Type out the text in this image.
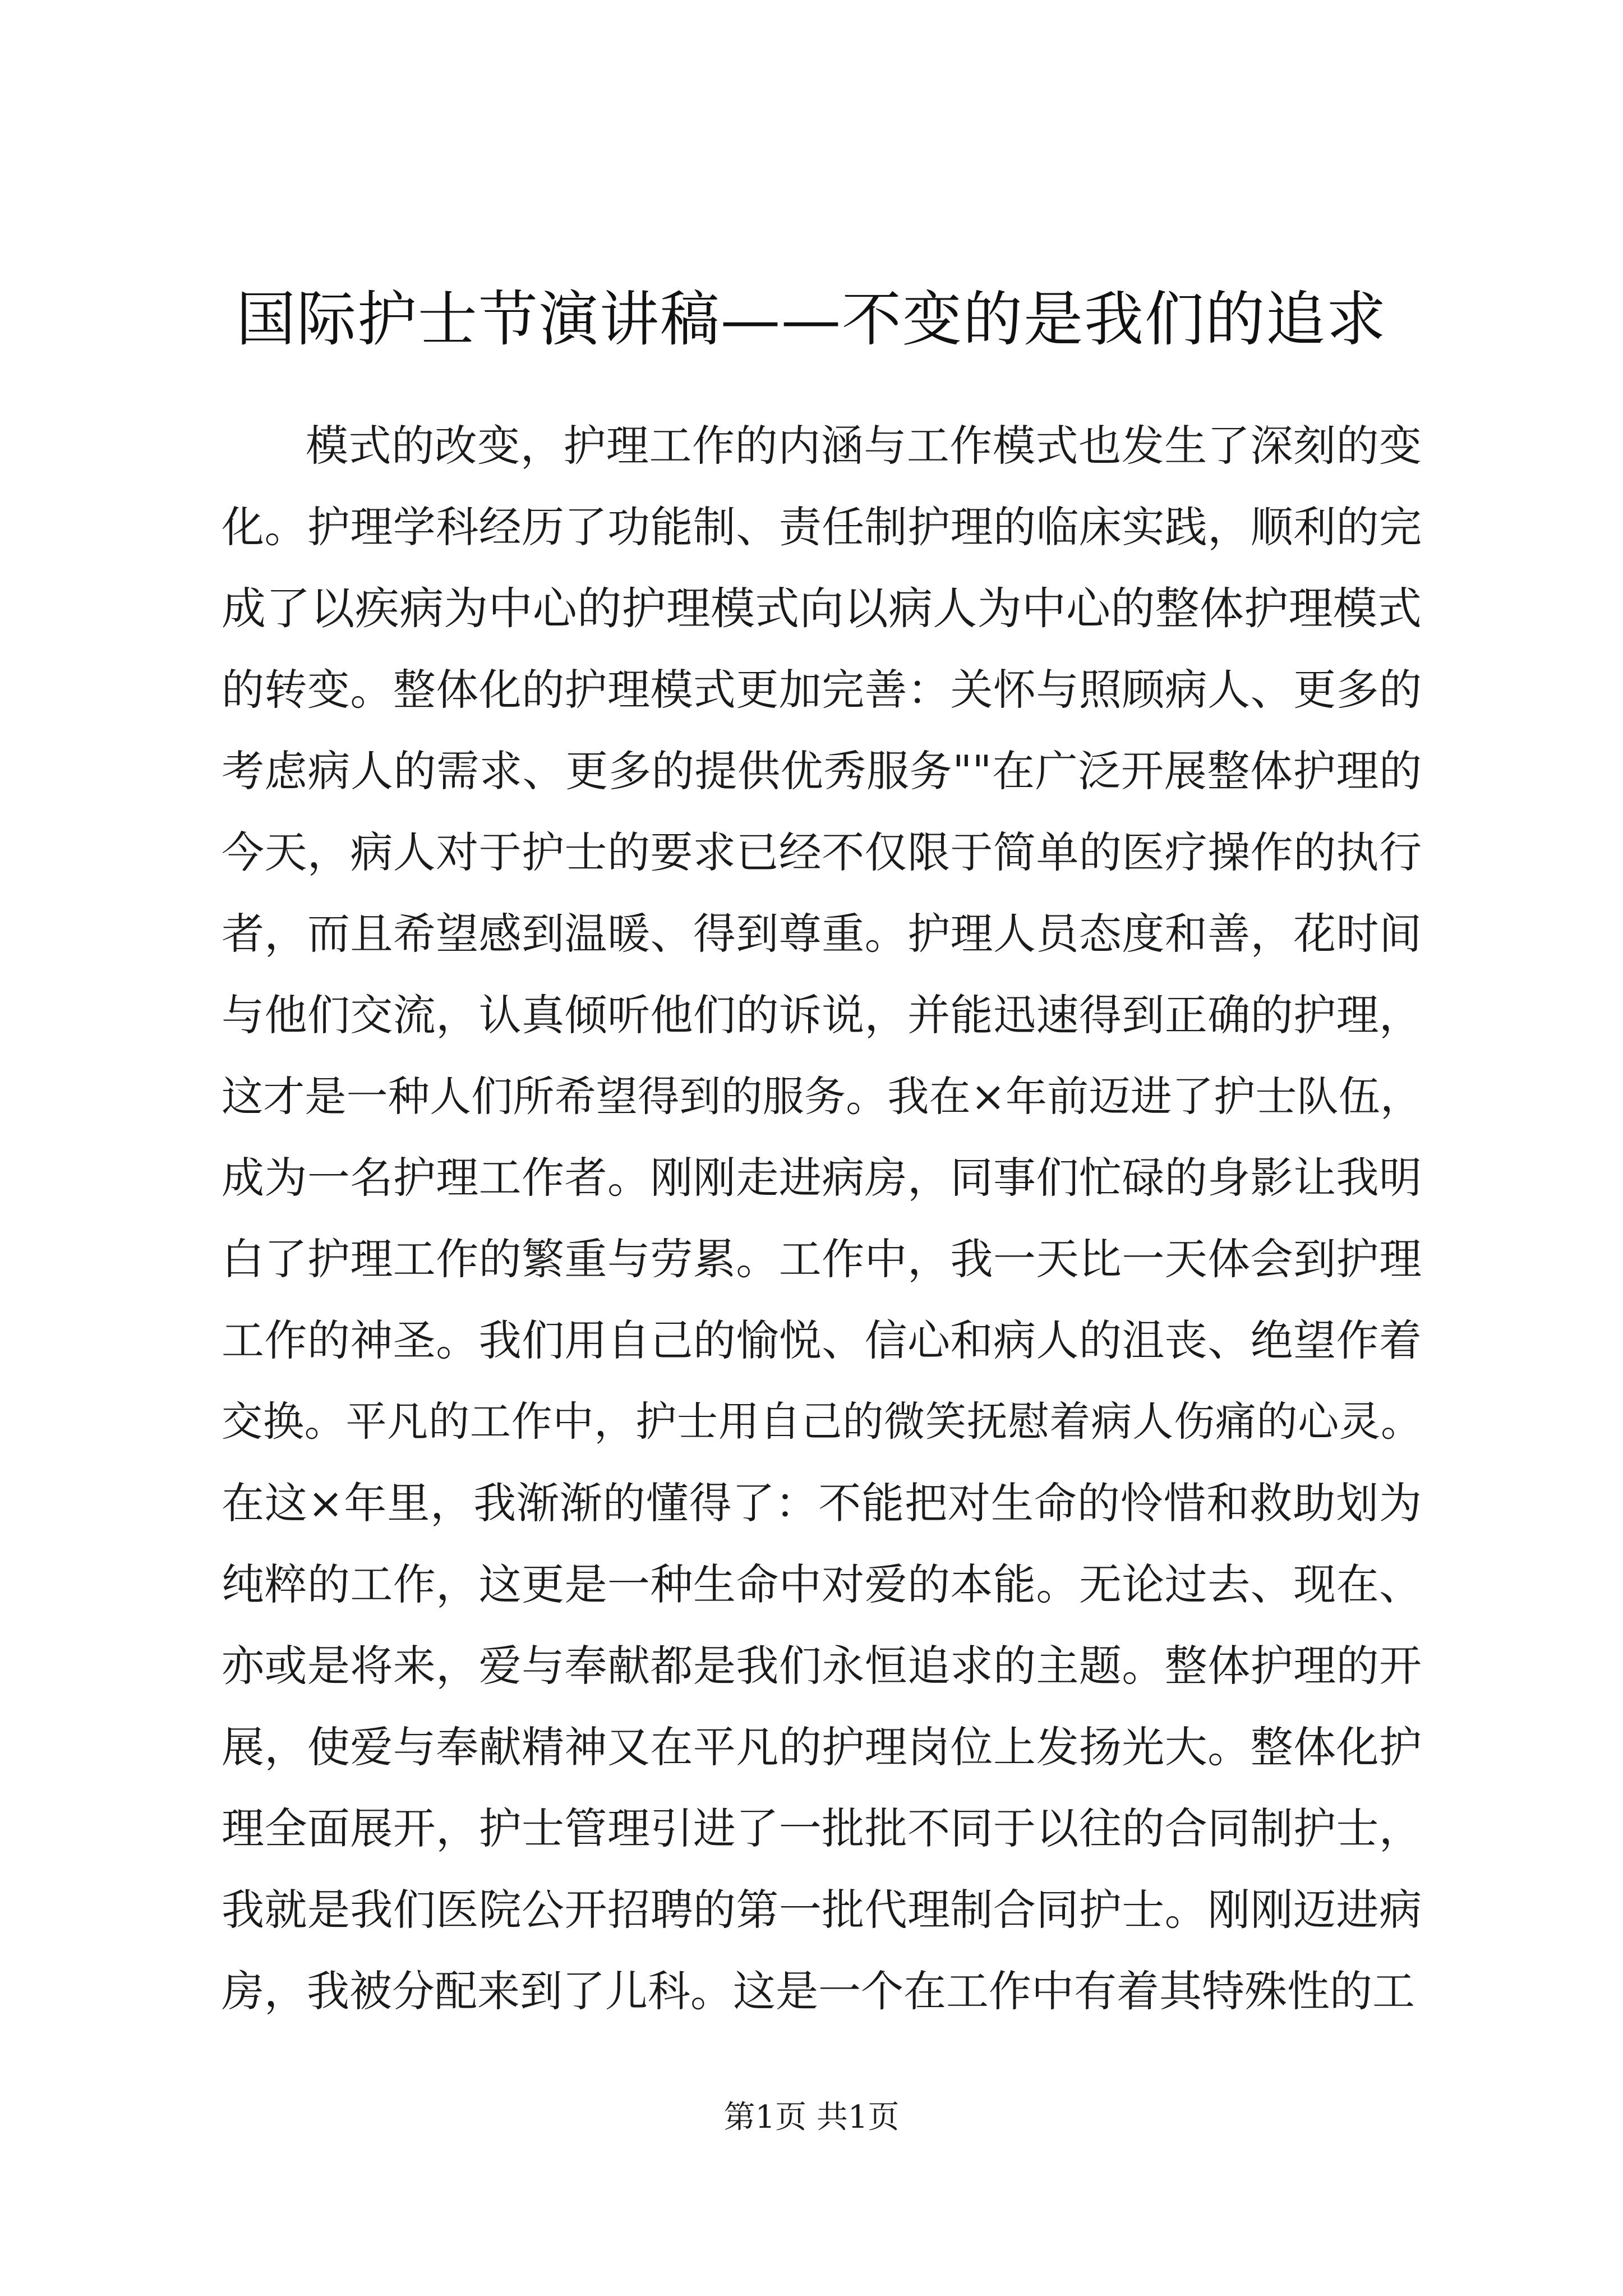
国际护士节演讲稿——不变的是我们的追求
模式的改变，护理工作的内涵与工作模式也发生了深刻的变
化。护理学科经历了功能制、责任制护理的临床实践，顺利的完
成了以疾病为中心的护理模式向以病人为中心的整体护理模式
的转变。整体化的护理模式更加完善：关怀与照顾病人、更多的
考虑病人的需求、更多的提供优秀服务""在广泛开展整体护理的
今天，病人对于护士的要求已经不仅限于简单的医疗操作的执行
者，而且希望感到温暖、得到尊重。护理人员态度和善，花时间
与他们交流，认真倾听他们的诉说，并能迅速得到正确的护理，
这才是一种人们所希望得到的服务。我在×年前迈进了护士队伍，
成为一名护理工作者。刚刚走进病房，同事们忙碌的身影让我明
白了护理工作的繁重与劳累。工作中，我一天比一天体会到护理
工作的神圣。我们用自己的愉悦、信心和病人的沮丧、绝望作着
交换。平凡的工作中，护士用自己的微笑抚慰着病人伤痛的心灵。
在这×年里，我渐渐的懂得了：不能把对生命的怜惜和救助划为
纯粹的工作，这更是一种生命中对爱的本能。无论过去、现在、
亦或是将来，爱与奉献都是我们永恒追求的主题。整体护理的开
展，使爱与奉献精神又在平凡的护理岗位上发扬光大。整体化护
理全面展开，护士管理引进了一批批不同于以往的合同制护士，
我就是我们医院公开招聘的第一批代理制合同护士。刚刚迈进病
房，我被分配来到了儿科。这是一个在工作中有着其特殊性的工
第1页 共1页
